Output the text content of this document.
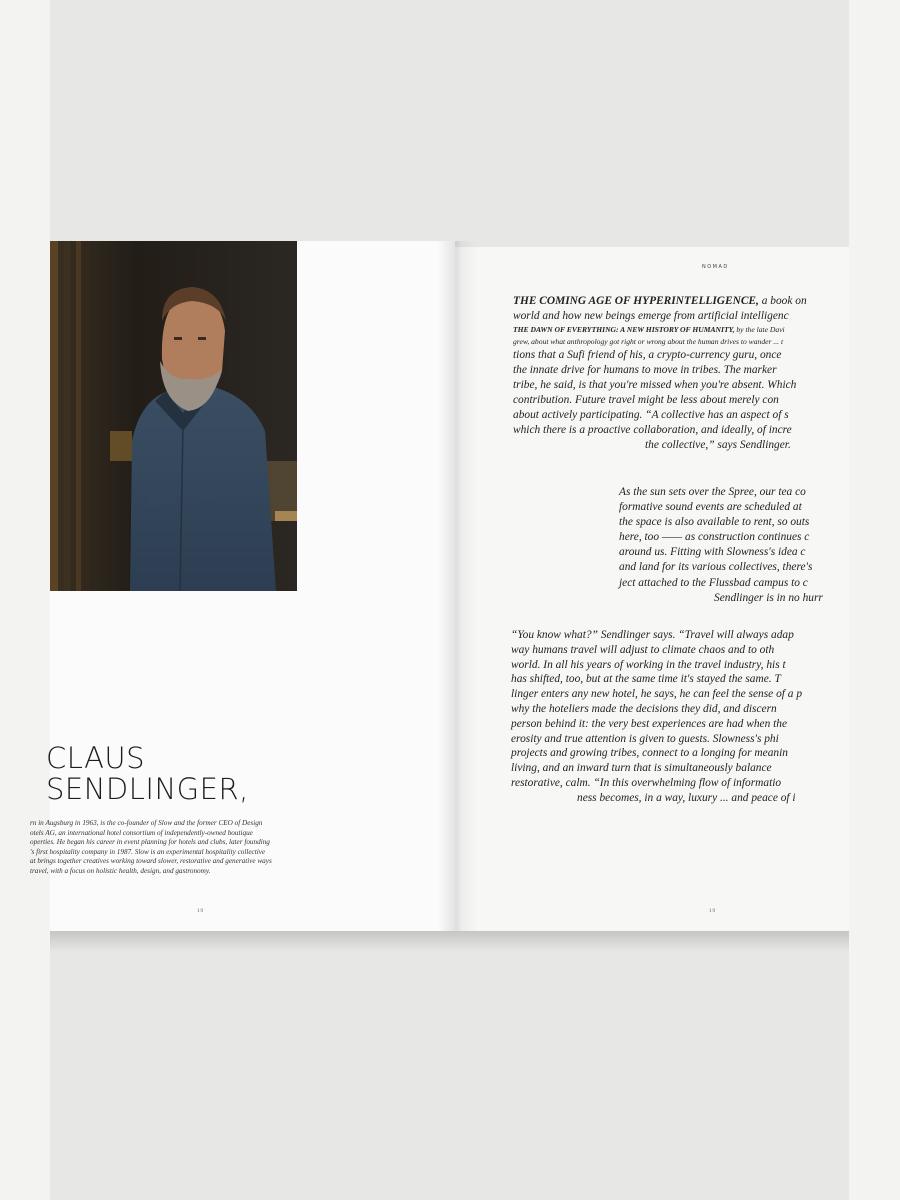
CLAUS
SENDLINGER,
rn in Augsburg in 1963, is the co-founder of Slow and the former CEO of Design
otels AG, an international hotel consortium of independently-owned boutique
operties. He began his career in event planning for hotels and clubs, later founding
's first hospitality company in 1987. Slow is an experimental hospitality collective
at brings together creatives working toward slower, restorative and generative ways
travel, with a focus on holistic health, design, and gastronomy.
19
NOMAD
THE COMING AGE OF HYPERINTELLIGENCE, a book on
world and how new beings emerge from artificial intelligenc
THE DAWN OF EVERYTHING: A NEW HISTORY OF HUMANITY, by the late Davi
grew, about what anthropology got right or wrong about the human drives to wander ... t
tions that a Sufi friend of his, a crypto-currency guru, once
the innate drive for humans to move in tribes. The marker
tribe, he said, is that you're missed when you're absent. Which
contribution. Future travel might be less about merely con
about actively participating. “A collective has an aspect of s
which there is a proactive collaboration, and ideally, of incre
the collective,” says Sendlinger.
As the sun sets over the Spree, our tea co
formative sound events are scheduled at
the space is also available to rent, so outs
here, too —— as construction continues c
around us. Fitting with Slowness's idea c
and land for its various collectives, there's
ject attached to the Flussbad campus to c
Sendlinger is in no hurr
“You know what?” Sendlinger says. “Travel will always adap
way humans travel will adjust to climate chaos and to oth
world. In all his years of working in the travel industry, his t
has shifted, too, but at the same time it's stayed the same. T
linger enters any new hotel, he says, he can feel the sense of a p
why the hoteliers made the decisions they did, and discern
person behind it: the very best experiences are had when the
erosity and true attention is given to guests. Slowness's phi
projects and growing tribes, connect to a longing for meanin
living, and an inward turn that is simultaneously balance
restorative, calm. “In this overwhelming flow of informatio
ness becomes, in a way, luxury ... and peace of i
19
